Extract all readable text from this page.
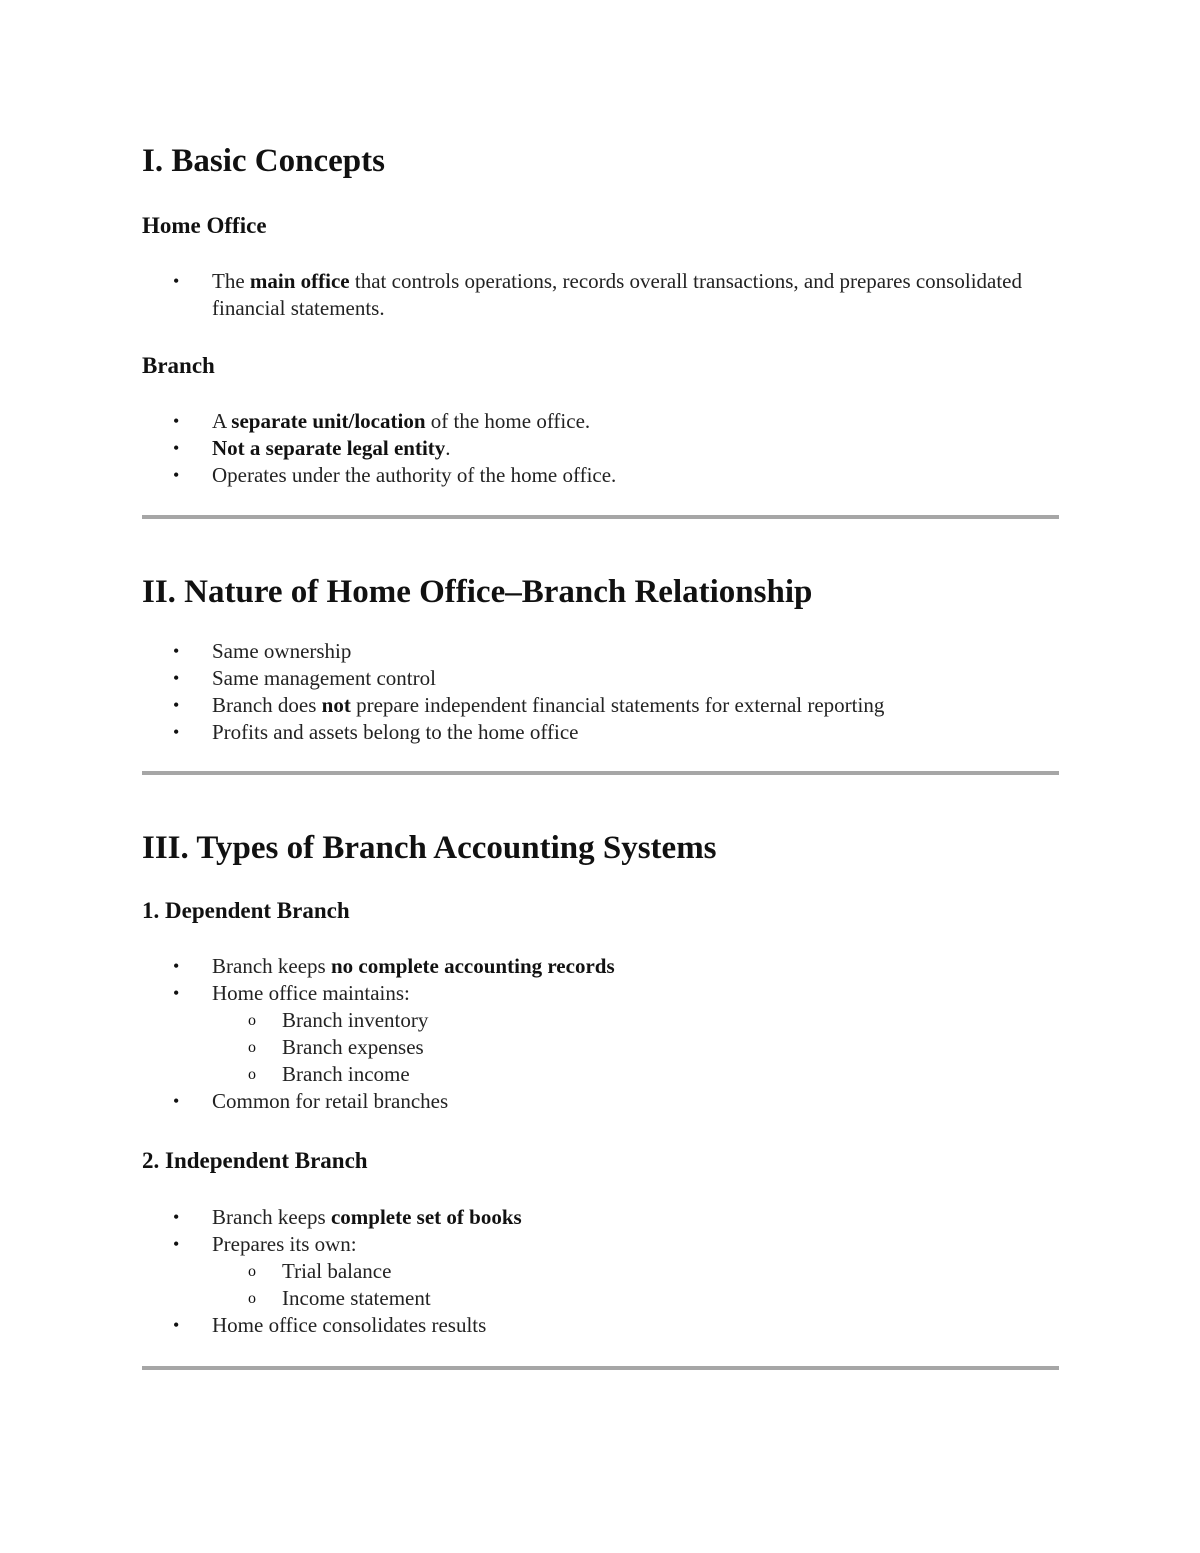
I. Basic Concepts
Home Office
• The main office that controls operations, records overall transactions, and prepares consolidated financial statements.
Branch
• A separate unit/location of the home office.
• Not a separate legal entity.
• Operates under the authority of the home office.
II. Nature of Home Office–Branch Relationship
• Same ownership
• Same management control
• Branch does not prepare independent financial statements for external reporting
• Profits and assets belong to the home office
III. Types of Branch Accounting Systems
1. Dependent Branch
• Branch keeps no complete accounting records
• Home office maintains:
o Branch inventory
o Branch expenses
o Branch income
• Common for retail branches
2. Independent Branch
• Branch keeps complete set of books
• Prepares its own:
o Trial balance
o Income statement
• Home office consolidates results
